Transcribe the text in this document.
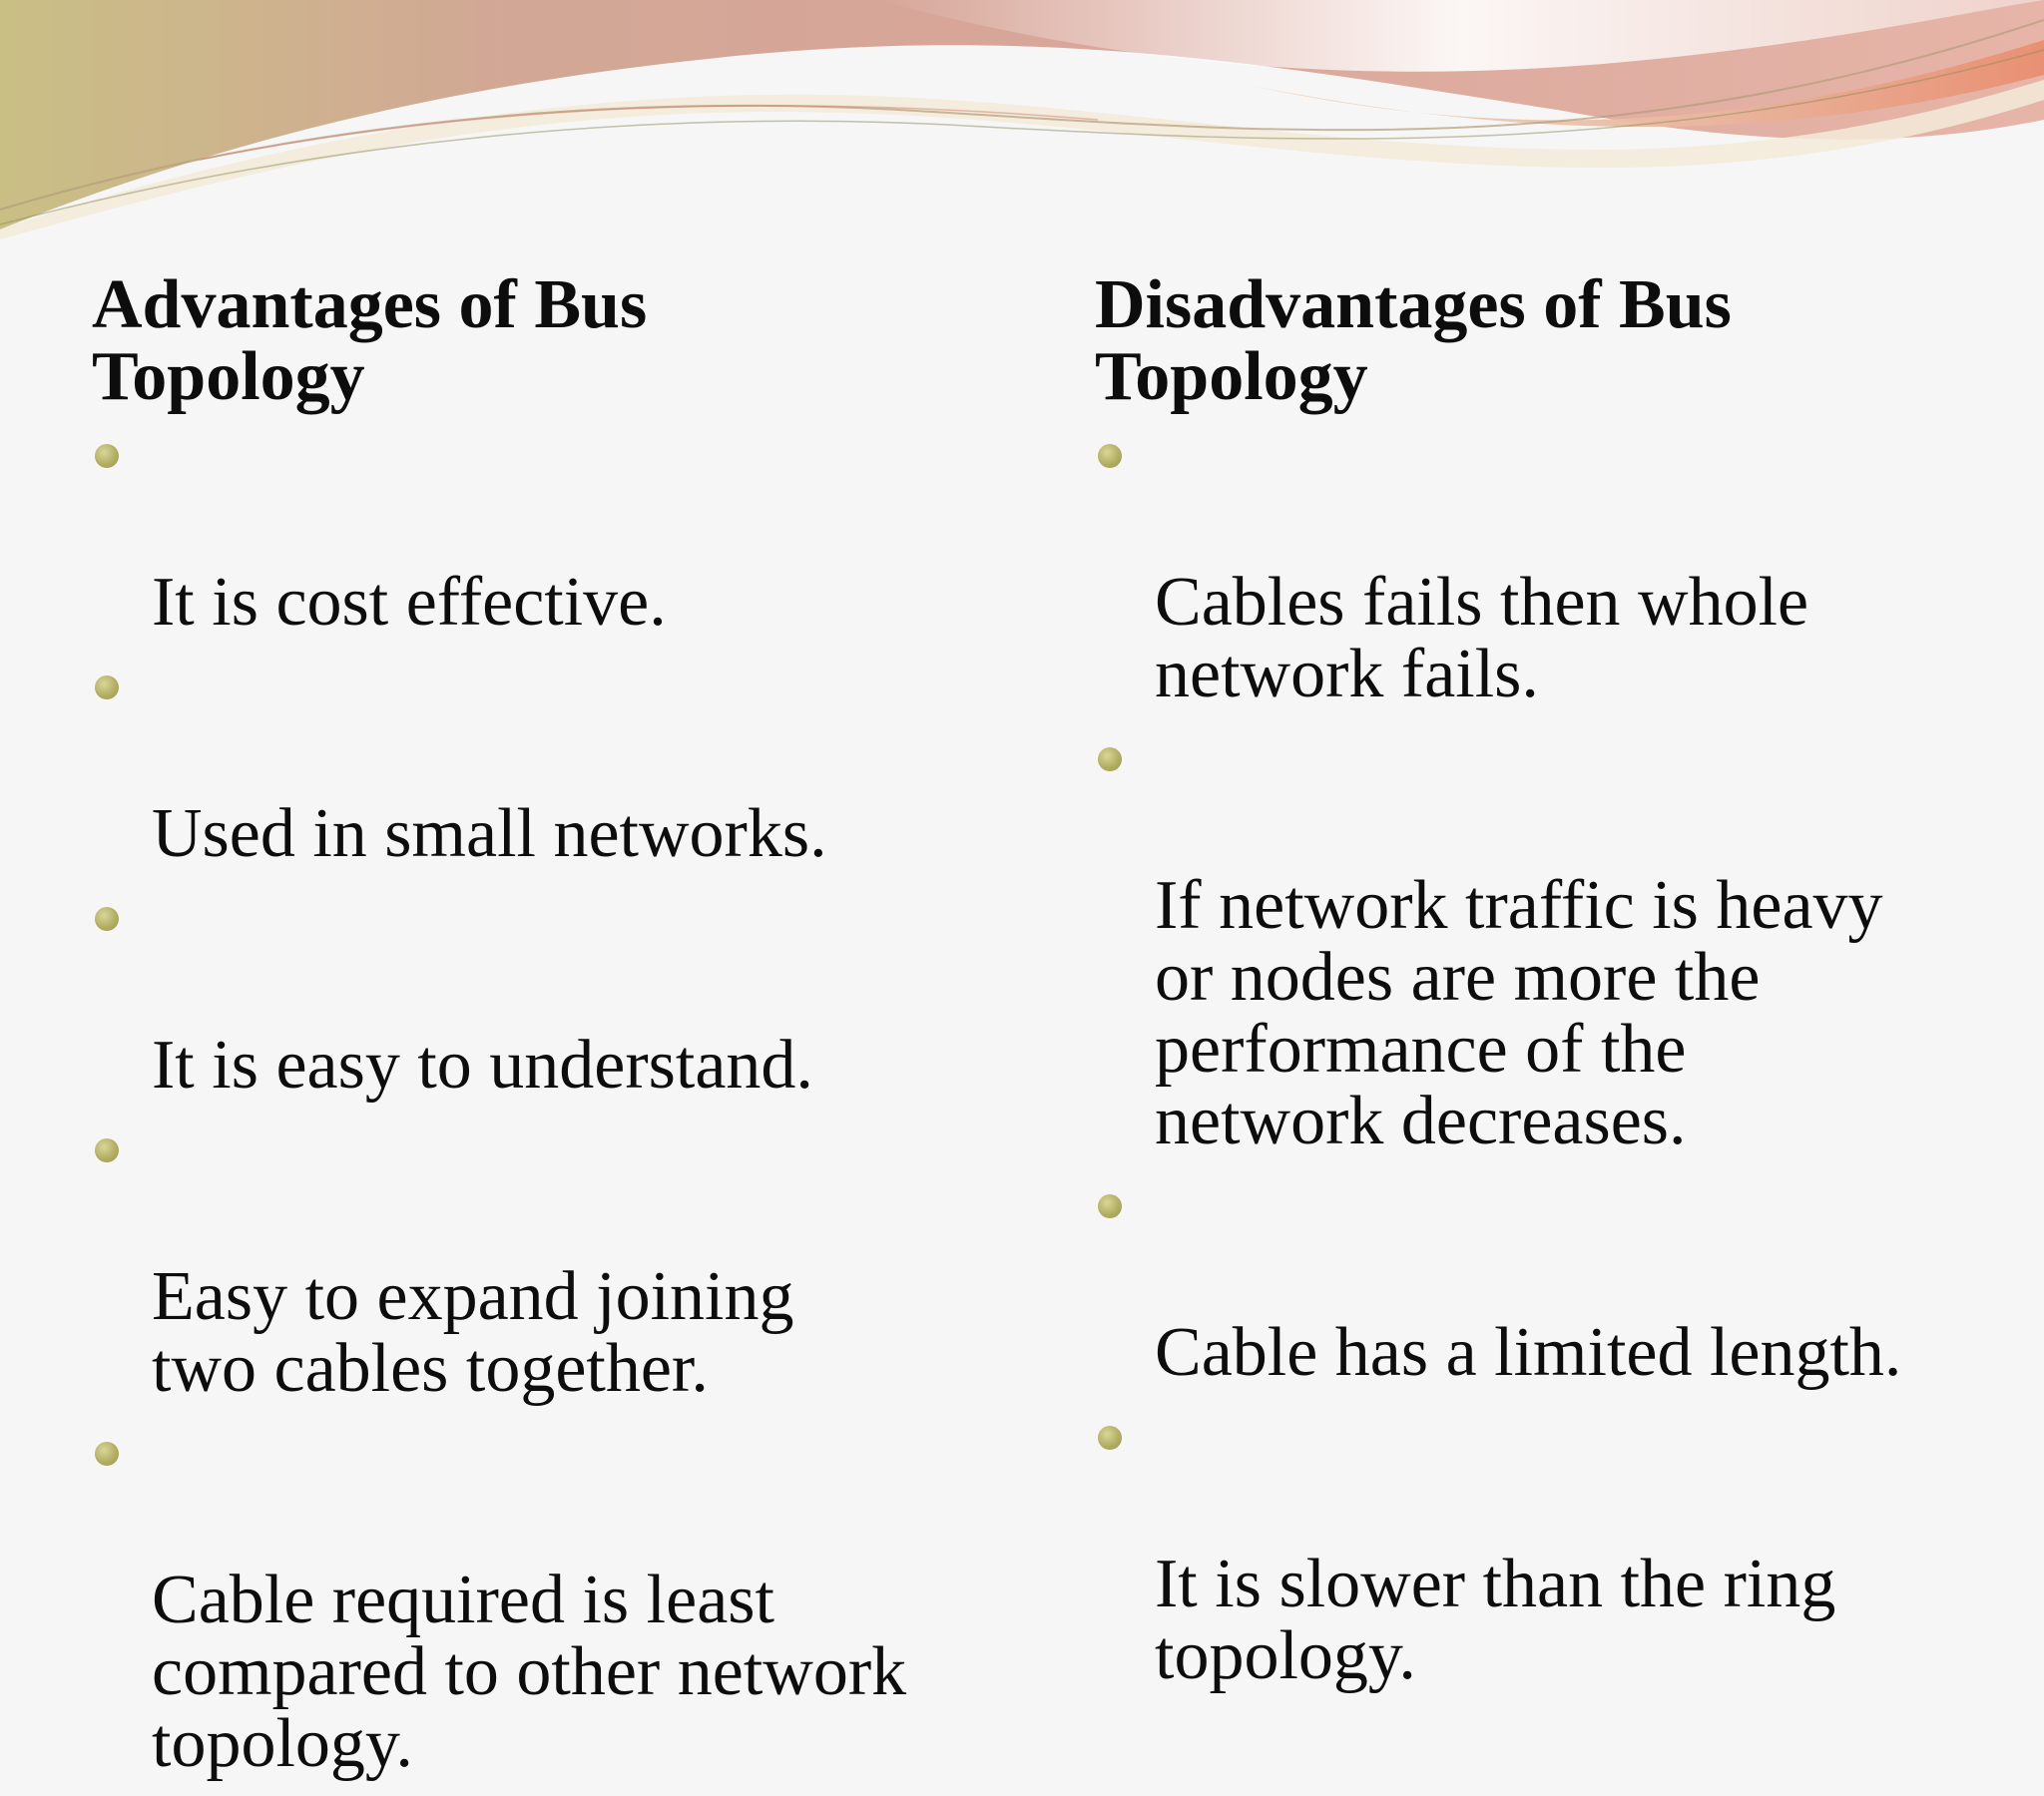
Advantages of Bus
Topology

It is cost effective.

Used in small networks.

It is easy to understand.

Easy to expand joining
two cables together.

Cable required is least
compared to other network
topology.

Disadvantages of Bus
Topology

Cables fails then whole
network fails.

If network traffic is heavy
or nodes are more the
performance of the
network decreases.

Cable has a limited length.

It is slower than the ring
topology.
